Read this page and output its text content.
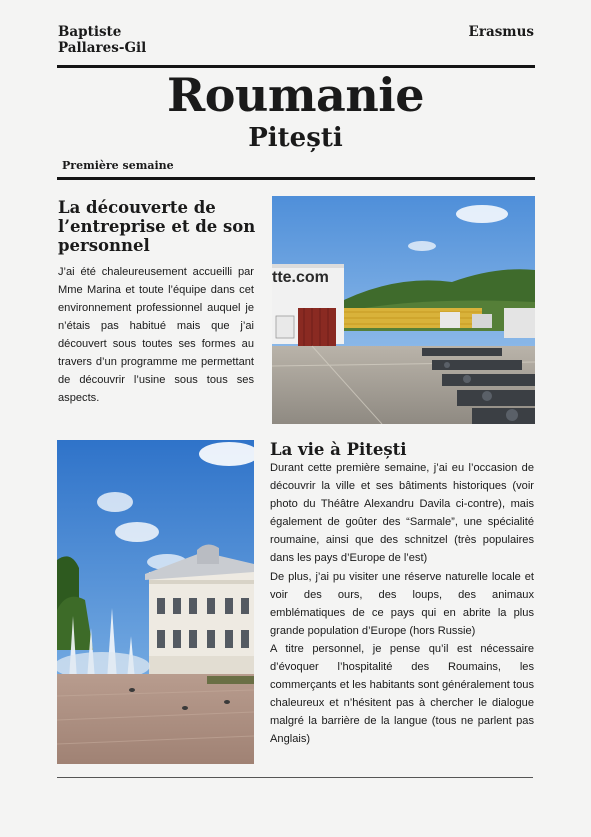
Baptiste
Pallares-Gil
Erasmus
Roumanie
Pitești
Première semaine
La découverte de l’entreprise et de son personnel

J’ai été chaleureusement accueilli par Mme Marina et toute l’équipe dans cet environnement professionnel auquel je n’étais pas habitué mais que j’ai découvert sous toutes ses formes au travers d’un programme me permettant de découvrir l’usine sous tous ses aspects.

tte.com
La vie à Pitești

Durant cette première semaine, j’ai eu l’occasion de découvrir la ville et ses bâtiments historiques (voir photo du Théâtre Alexandru Davila ci-contre), mais également de goûter des “Sarmale”, une spécialité roumaine, ainsi que des schnitzel (très populaires dans les pays d’Europe de l’est)

De plus, j’ai pu visiter une réserve naturelle locale et voir des ours, des loups, des animaux emblématiques de ce pays qui en abrite la plus grande population d’Europe (hors Russie)

A titre personnel, je pense qu’il est nécessaire d’évoquer l’hospitalité des Roumains, les commerçants et les habitants sont généralement tous chaleureux et n’hésitent pas à chercher le dialogue malgré la barrière de la langue (tous ne parlent pas Anglais)
